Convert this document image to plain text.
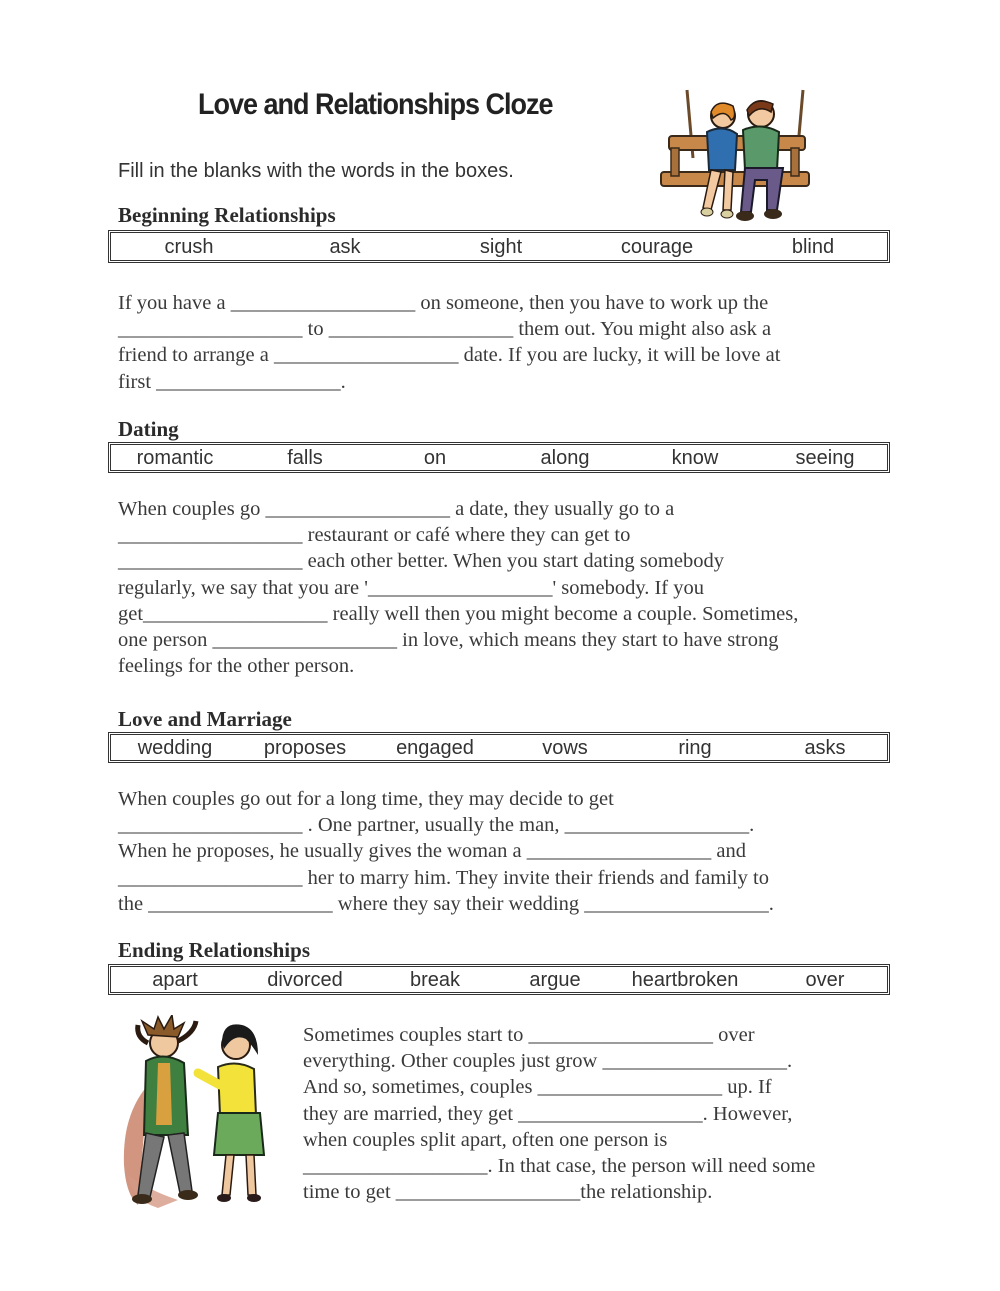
Love and Relationships Cloze
Fill in the blanks with the words in the boxes.
Beginning Relationships
crush	ask	sight	courage	blind
If you have a __________________ on someone, then you have to work up the
__________________ to __________________ them out. You might also ask a
friend to arrange a __________________ date. If you are lucky, it will be love at
first __________________.
Dating
romantic	falls	on	along	know	seeing
When couples go __________________ a date, they usually go to a
__________________ restaurant or café where they can get to
__________________ each other better. When you start dating somebody
regularly, we say that you are '__________________' somebody. If you
get__________________ really well then you might become a couple. Sometimes,
one person __________________ in love, which means they start to have strong
feelings for the other person.
Love and Marriage
wedding	proposes engaged	vows	ring	asks
When couples go out for a long time, they may decide to get
__________________ . One partner, usually the man, __________________.
When he proposes, he usually gives the woman a __________________ and
__________________ her to marry him. They invite their friends and family to
the __________________ where they say their wedding __________________.
Ending Relationships
apart	divorced	break	argue	heartbroken	over
Sometimes couples start to __________________ over
everything. Other couples just grow __________________.
And so, sometimes, couples __________________ up. If
they are married, they get __________________. However,
when couples split apart, often one person is
__________________. In that case, the person will need some
time to get __________________the relationship.
